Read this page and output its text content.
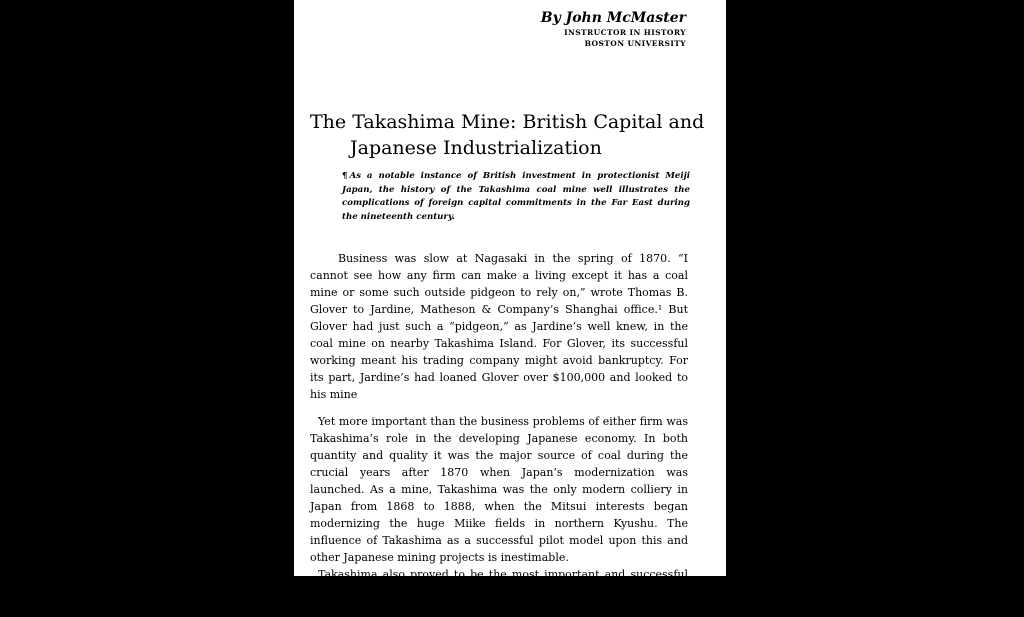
By John McMaster
INSTRUCTOR IN HISTORY
BOSTON UNIVERSITY
The Takashima Mine: British Capital and
Japanese Industrialization
¶ As a notable instance of British investment in protectionist Meiji Japan, the history of the Takashima coal mine well illustrates the complications of foreign capital commitments in the Far East during the nineteenth century.

Business was slow at Nagasaki in the spring of 1870. “I cannot see how any firm can make a living except it has a coal mine or some such outside pidgeon to rely on,” wrote Thomas B. Glover to Jardine, Matheson & Company’s Shanghai office.¹ But Glover had just such a “pidgeon,” as Jardine’s well knew, in the coal mine on nearby Takashima Island. For Glover, its successful working meant his trading company might avoid bankruptcy. For its part, Jardine’s had loaned Glover over $100,000 and looked to his mine

Yet more important than the business problems of either firm was Takashima’s role in the developing Japanese economy. In both quantity and quality it was the major source of coal during the crucial years after 1870 when Japan’s modernization was launched. As a mine, Takashima was the only modern colliery in Japan from 1868 to 1888, when the Mitsui interests began modernizing the huge Miike fields in northern Kyushu. The influence of Takashima as a successful pilot model upon this and other Japanese mining projects is inestimable.

Takashima also proved to be the most important and successful effort by private foreign capital to invest in protectionist Meiji Japan. Its foreign developers trebled its production and saw to it
